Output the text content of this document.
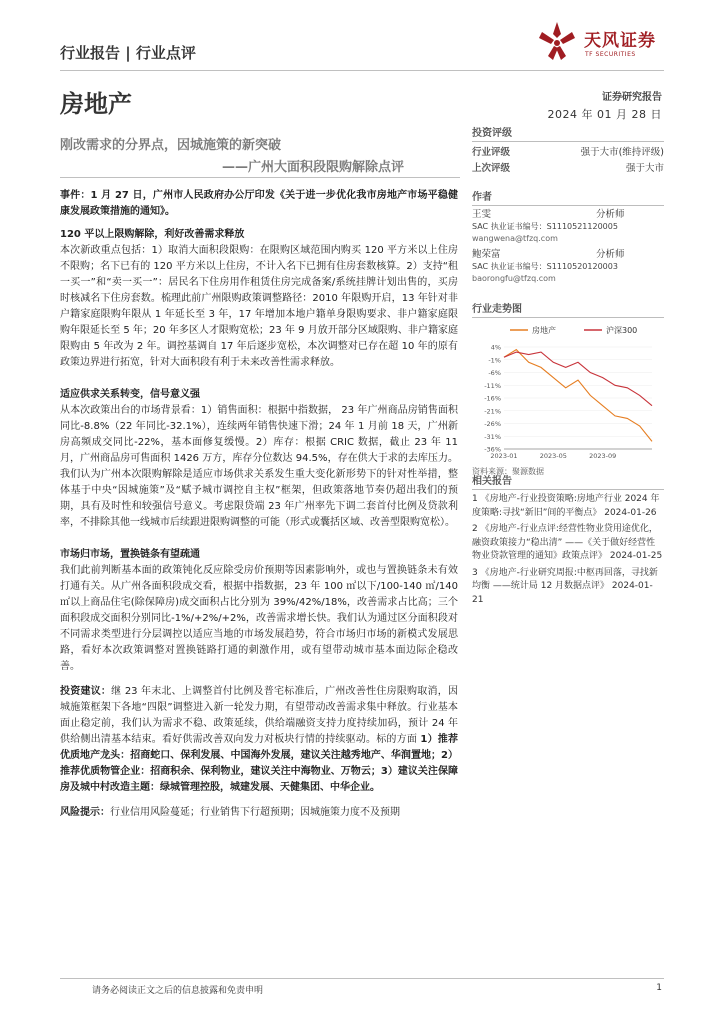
行业报告 | 行业点评
天风证券
TF SECURITIES
房地产	证券研究报告
2024 年 01 月 28 日
刚改需求的分界点，因城施策的新突破
——广州大面积段限购解除点评

事件：1 月 27 日，广州市人民政府办公厅印发《关于进一步优化我市房地产市场平稳健康发展政策措施的通知》。

120 平以上限购解除，利好改善需求释放

本次新政重点包括：1）取消大面积段限购：在限购区域范围内购买 120 平方米以上住房不限购；名下已有的 120 平方米以上住房，不计入名下已拥有住房套数核算。2）支持“租一买一”和“卖一买一”：居民名下住房用作租赁住房完成备案/系统挂牌计划出售的，买房时核减名下住房套数。梳理此前广州限购政策调整路径：2010 年限购开启，13 年针对非户籍家庭限购年限从 1 年延长至 3 年，17 年增加本地户籍单身限购要求、非户籍家庭限购年限延长至 5 年；20 年多区人才限购宽松；23 年 9 月放开部分区域限购、非户籍家庭限购由 5 年改为 2 年。调控基调自 17 年后逐步宽松，本次调整对已存在超 10 年的原有政策边界进行拓宽，针对大面积段有利于未来改善性需求释放。

适应供求关系转变，信号意义强

从本次政策出台的市场背景看：1）销售面积：根据中指数据， 23 年广州商品房销售面积同比-8.8%（22 年同比-32.1%），连续两年销售快速下滑；24 年 1 月前 18 天，广州新房高频成交同比-22%，基本面修复缓慢。2）库存：根据 CRIC 数据，截止 23 年 11 月，广州商品房可售面积 1426 万方，库存分位数达 94.5%，存在供大于求的去库压力。我们认为广州本次限购解除是适应市场供求关系发生重大变化新形势下的针对性举措，整体基于中央“因城施策”及“赋予城市调控自主权”框架，但政策落地节奏仍超出我们的预期，具有及时性和较强信号意义。考虑限贷端 23 年广州率先下调二套首付比例及贷款利率，不排除其他一线城市后续跟进限购调整的可能（形式或囊括区域、改善型限购宽松）。

市场归市场，置换链条有望疏通

我们此前判断基本面的政策钝化反应除受房价预期等因素影响外，或也与置换链条未有效打通有关。从广州各面积段成交看，根据中指数据，23 年 100 ㎡以下/100-140 ㎡/140 ㎡以上商品住宅(除保障房)成交面积占比分别为 39%/42%/18%，改善需求占比高；三个面积段成交面积分别同比-1%/+2%/+2%，改善需求增长快。我们认为通过区分面积段对不同需求类型进行分层调控以适应当地的市场发展趋势，符合市场归市场的新模式发展思路，看好本次政策调整对置换链路打通的刺激作用，或有望带动城市基本面边际企稳改善。

投资建议：继 23 年末北、上调整首付比例及普宅标准后，广州改善性住房限购取消，因城施策框架下各地“四限”调整进入新一轮发力期，有望带动改善需求集中释放。行业基本面止稳定前，我们认为需求不稳、政策延续，供给端融资支持力度持续加码，预计 24 年供给侧出清基本结束。看好供需改善双向发力对板块行情的持续驱动。标的方面 1）推荐优质地产龙头：招商蛇口、保利发展、中国海外发展，建议关注越秀地产、华润置地；2）推荐优质物管企业：招商积余、保利物业，建议关注中海物业、万物云；3）建议关注保障房及城中村改造主题：绿城管理控股，城建发展、天健集团、中华企业。

风险提示：行业信用风险蔓延；行业销售下行超预期；因城施策力度不及预期

投资评级
行业评级	强于大市(维持评级)
上次评级	强于大市
作者
王雯	分析师
SAC 执业证书编号：S1110521120005
wangwena@tfzq.com
鲍荣富	分析师
SAC 执业证书编号：S1110520120003
baorongfu@tfzq.com
行业走势图
房地产	沪深300
4%
-1%
-6%
-11%
-16%
-21%
-26%
-31%
-36%
2023-01	2023-05	2023-09
资料来源：聚源数据
相关报告
1 《房地产-行业投资策略:房地产行业 2024 年度策略:寻找“新旧”间的平衡点》 2024-01-26
2 《房地产-行业点评:经营性物业贷用途优化，融资政策接力“稳出清” ——《关于做好经营性物业贷款管理的通知》政策点评》 2024-01-25
3 《房地产-行业研究周报:中枢再回落，寻找新均衡 ——统计局 12 月数据点评》 2024-01-21
请务必阅读正文之后的信息披露和免责申明	1
